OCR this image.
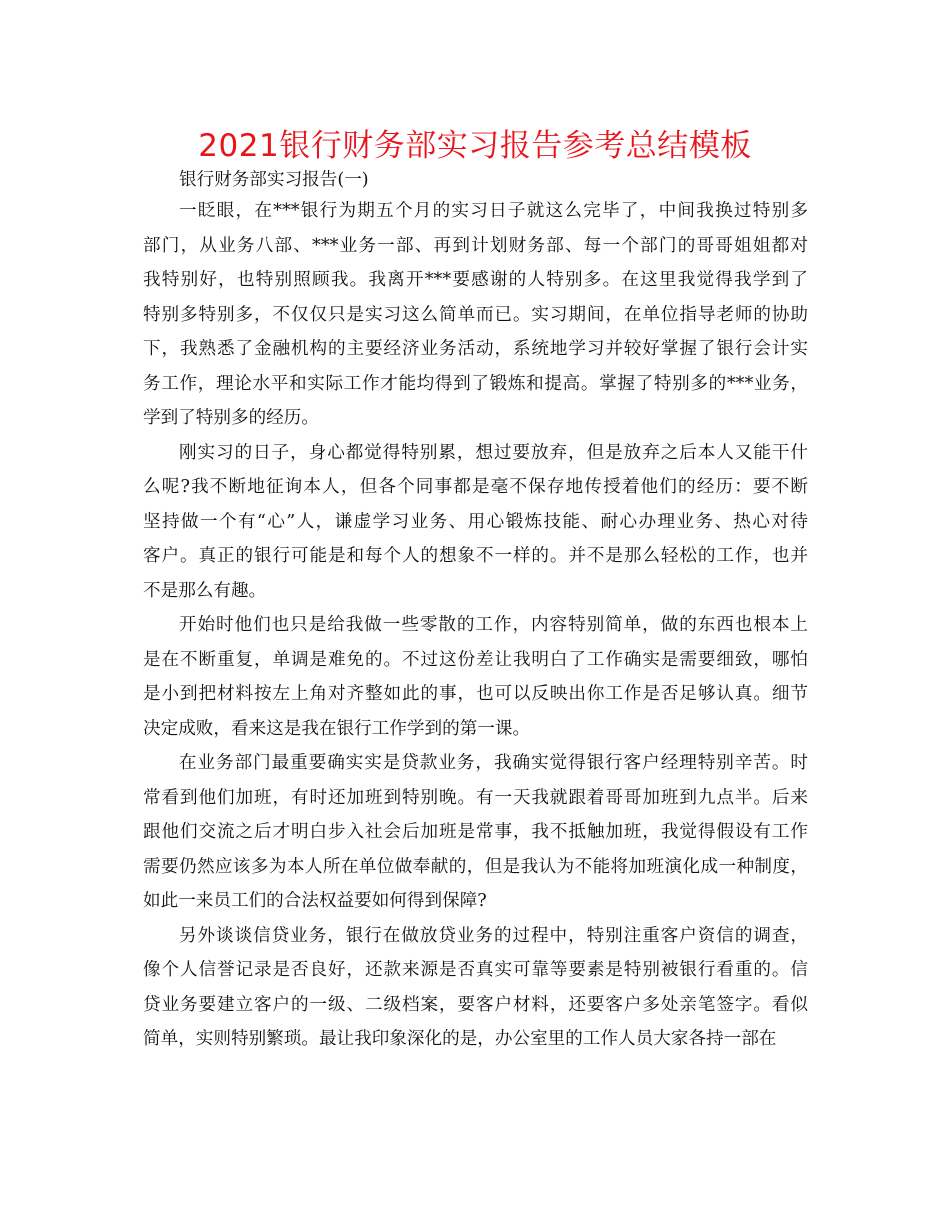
2021银行财务部实习报告参考总结模板

银行财务部实习报告(一)

一眨眼，在***银行为期五个月的实习日子就这么完毕了，中间我换过特别多
部门，从业务八部、***业务一部、再到计划财务部、每一个部门的哥哥姐姐都对
我特别好，也特别照顾我。我离开***要感谢的人特别多。在这里我觉得我学到了
特别多特别多，不仅仅只是实习这么简单而已。实习期间，在单位指导老师的协助
下，我熟悉了金融机构的主要经济业务活动，系统地学习并较好掌握了银行会计实
务工作，理论水平和实际工作才能均得到了锻炼和提高。掌握了特别多的***业务，
学到了特别多的经历。
刚实习的日子，身心都觉得特别累，想过要放弃，但是放弃之后本人又能干什
么呢?我不断地征询本人，但各个同事都是毫不保存地传授着他们的经历：要不断
坚持做一个有“心”人，谦虚学习业务、用心锻炼技能、耐心办理业务、热心对待
客户。真正的银行可能是和每个人的想象不一样的。并不是那么轻松的工作，也并
不是那么有趣。
开始时他们也只是给我做一些零散的工作，内容特别简单，做的东西也根本上
是在不断重复，单调是难免的。不过这份差让我明白了工作确实是需要细致，哪怕
是小到把材料按左上角对齐整如此的事，也可以反映出你工作是否足够认真。细节
决定成败，看来这是我在银行工作学到的第一课。
在业务部门最重要确实实是贷款业务，我确实觉得银行客户经理特别辛苦。时
常看到他们加班，有时还加班到特别晚。有一天我就跟着哥哥加班到九点半。后来
跟他们交流之后才明白步入社会后加班是常事，我不抵触加班，我觉得假设有工作
需要仍然应该多为本人所在单位做奉献的，但是我认为不能将加班演化成一种制度，
如此一来员工们的合法权益要如何得到保障?
另外谈谈信贷业务，银行在做放贷业务的过程中，特别注重客户资信的调查，
像个人信誉记录是否良好，还款来源是否真实可靠等要素是特别被银行看重的。信
贷业务要建立客户的一级、二级档案，要客户材料，还要客户多处亲笔签字。看似
简单，实则特别繁琐。最让我印象深化的是，办公室里的工作人员大家各持一部在
